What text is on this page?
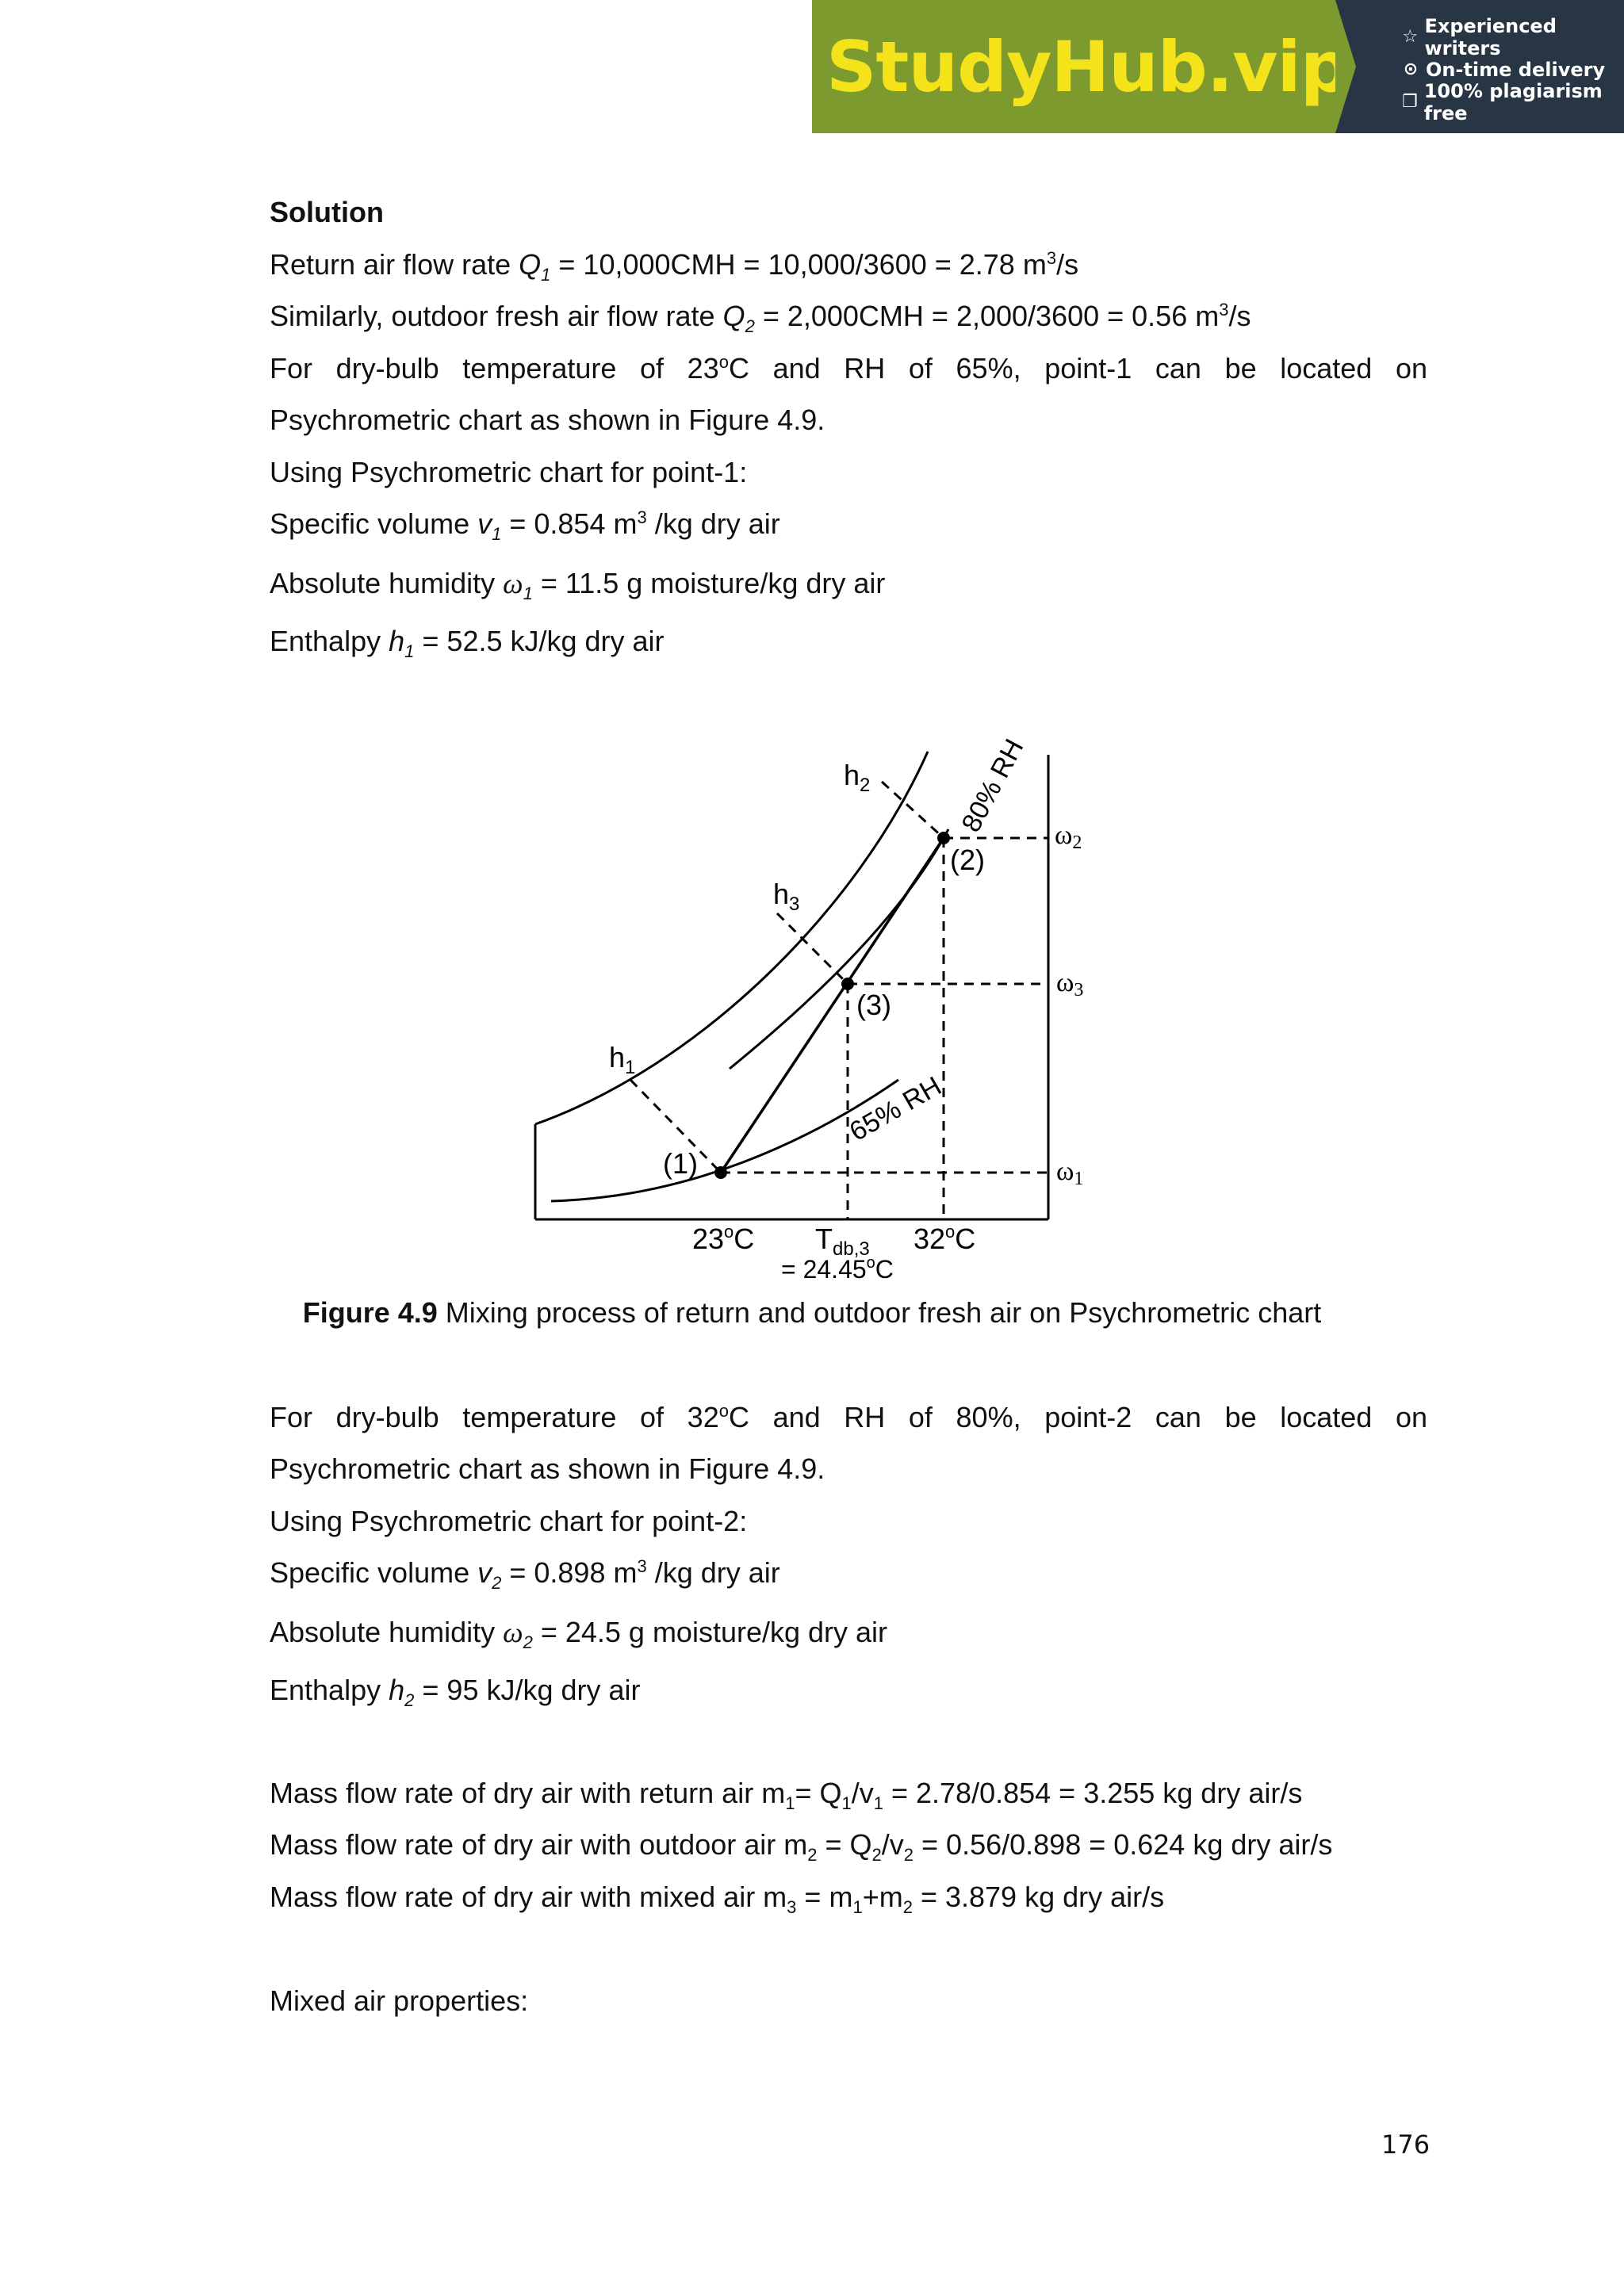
StudyHub.vip	☆ Experienced writers
⊙ On-time delivery
❐ 100% plagiarism free
Solution
Return air flow rate $Q_1 = 10,000CMH = 10,000/3600 = 2.78$ $m^3/s$
Similarly, outdoor fresh air flow rate $Q_2 = 2,000CMH = 2,000/3600 = 0.56$ $m^3/s$
For dry-bulb temperature of 23$^o$C and RH of 65%, point-1 can be located on
Psychrometric chart as shown in Figure 4.9.
Using Psychrometric chart for point-1:
Specific volume $v_1 = 0.854$ $m^3$ /kg dry air
Absolute humidity $\omega_1 = 11.5$ g moisture/kg dry air
Enthalpy $h_1 = 52.5$ kJ/kg dry air
(1)
(2)
(3)
$h_1$
$h_2$
$h_3$
ω1
ω2
ω3
80% RH
65% RH
23$^o$C $T_{db,3}$
= $24.45^oC$
32$^o$C
Figure 4.9 Mixing process of return and outdoor fresh air on Psychrometric chart
For dry-bulb temperature of 32$^o$C and RH of 80%, point-2 can be located on
Psychrometric chart as shown in Figure 4.9.
Using Psychrometric chart for point-2:
Specific volume $v_2 = 0.898$ $m^3$ /kg dry air
Absolute humidity $\omega_2 = 24.5$ g moisture/kg dry air
Enthalpy $h_2 = 95$ kJ/kg dry air
Mass flow rate of dry air with return air $m_1= Q_1/v_1 = 2.78/0.854 = 3.255$ kg dry air/s
Mass flow rate of dry air with outdoor air $m_2 = Q_2/v_2 = 0.56/0.898 = 0.624$ kg dry air/s
Mass flow rate of dry air with mixed air $m_3 = m_1+m_2 = 3.879$ kg dry air/s
Mixed air properties:
176
